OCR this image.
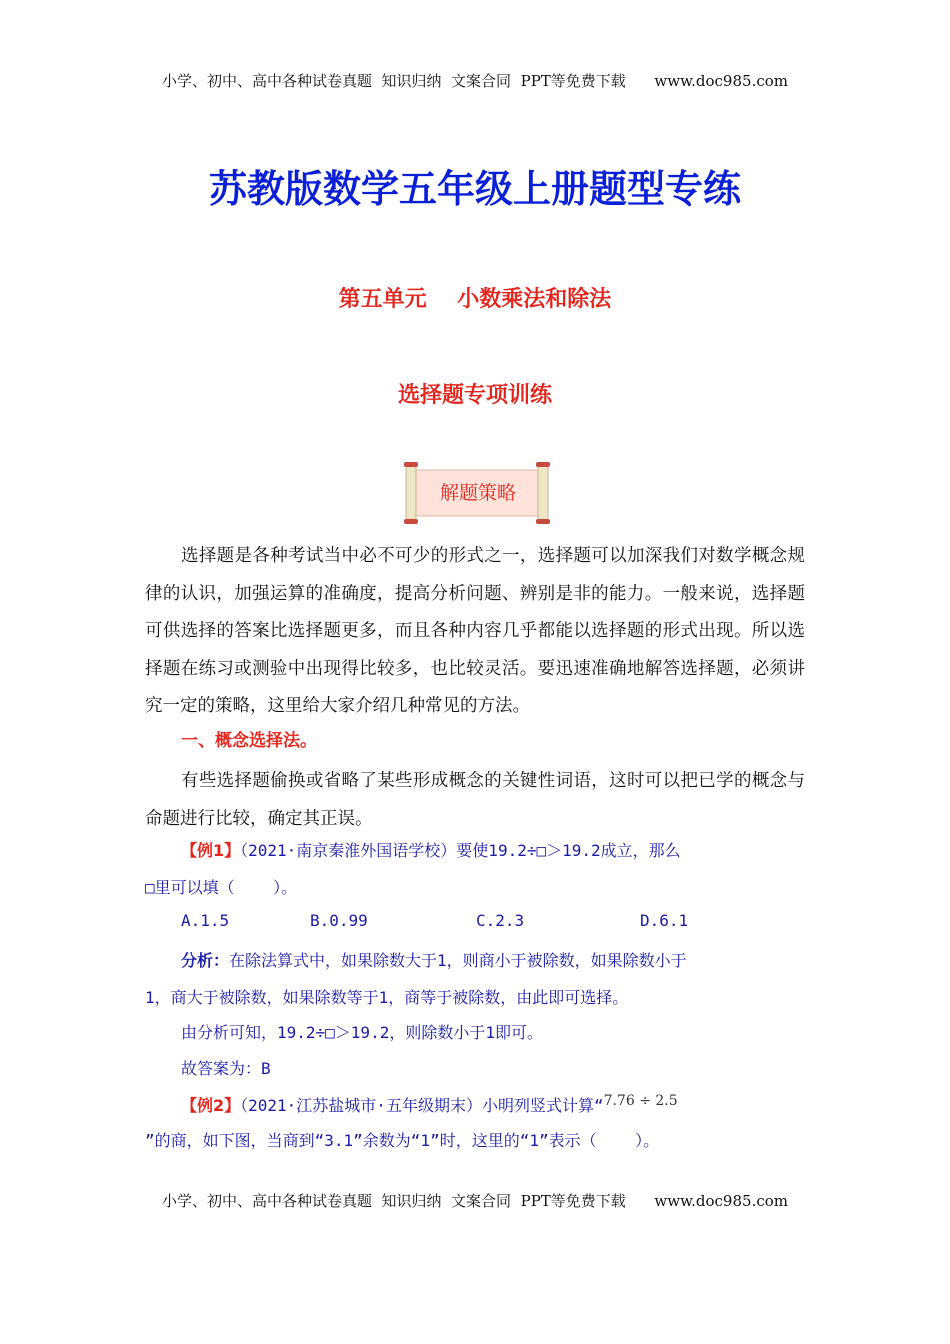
小学、初中、高中各种试卷真题  知识归纳  文案合同  PPT等免费下载      www.doc985.com
苏教版数学五年级上册题型专练
第五单元    小数乘法和除法
选择题专项训练
解题策略
选择题是各种考试当中必不可少的形式之一，选择题可以加深我们对数学概念规律的认识，加强运算的准确度，提高分析问题、辨别是非的能力。一般来说，选择题可供选择的答案比选择题更多，而且各种内容几乎都能以选择题的形式出现。所以选择题在练习或测验中出现得比较多，也比较灵活。要迅速准确地解答选择题，必须讲究一定的策略，这里给大家介绍几种常见的方法。
一、概念选择法。
有些选择题偷换或省略了某些形成概念的关键性词语，这时可以把已学的概念与命题进行比较，确定其正误。
【例1】（2021·南京秦淮外国语学校）要使19.2÷□＞19.2成立，那么
□里可以填（    ）。
A.1.5	B.0.99	C.2.3	D.6.1
分析：在除法算式中，如果除数大于1，则商小于被除数，如果除数小于
1，商大于被除数，如果除数等于1，商等于被除数，由此即可选择。
由分析可知，19.2÷□＞19.2，则除数小于1即可。
故答案为：B
【例2】（2021·江苏盐城市·五年级期末）小明列竖式计算“7.76 ÷ 2.5
”的商，如下图，当商到“3.1”余数为“1”时，这里的“1”表示（    ）。
小学、初中、高中各种试卷真题  知识归纳  文案合同  PPT等免费下载      www.doc985.com
